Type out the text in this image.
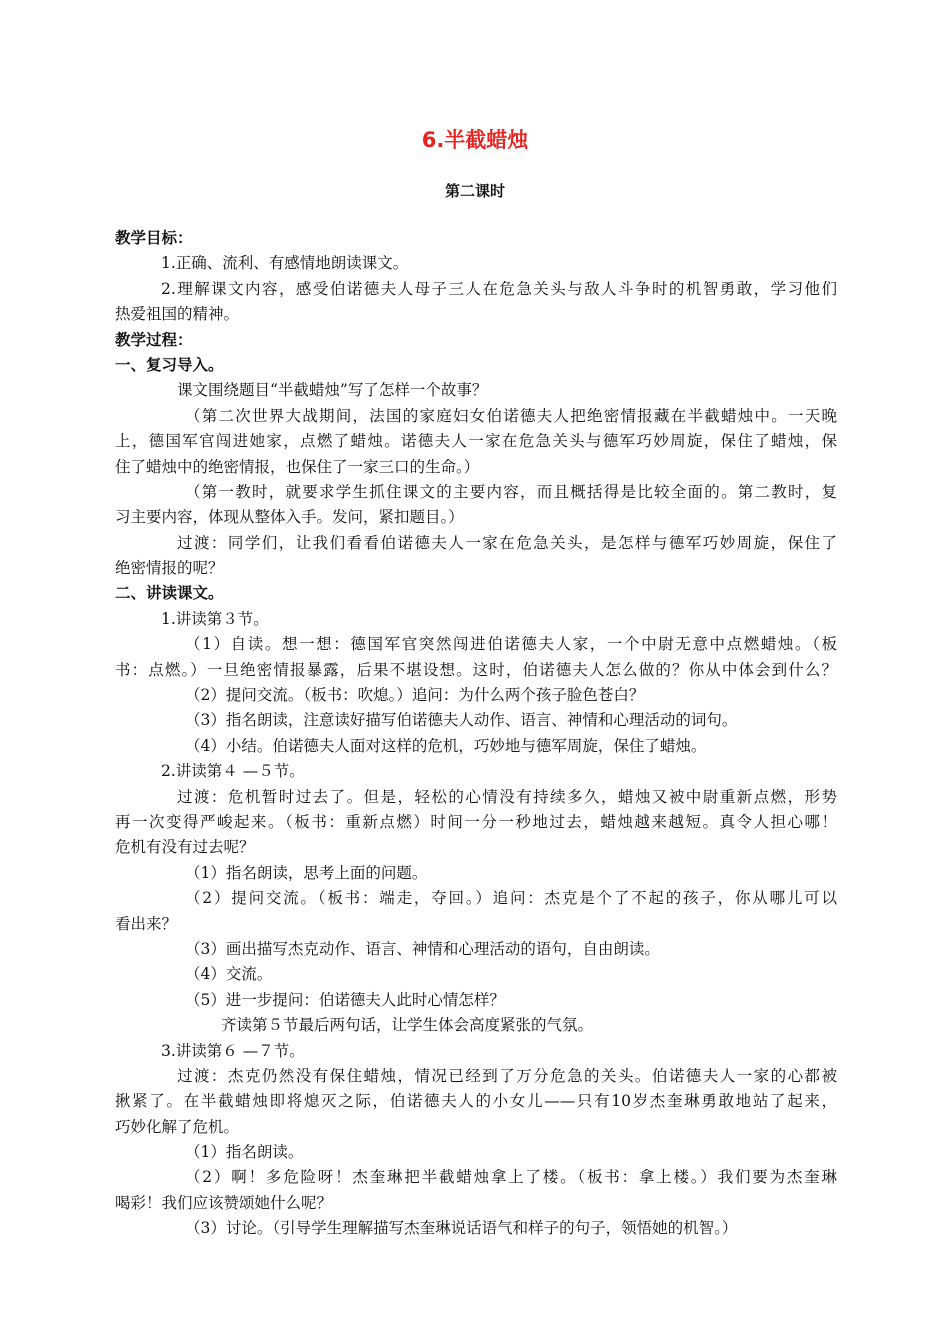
6.半截蜡烛
第二课时
教学目标：
1.正确、流利、有感情地朗读课文。
2.理解课文内容，感受伯诺德夫人母子三人在危急关头与敌人斗争时的机智勇敢，学习他们
热爱祖国的精神。
教学过程：
一、复习导入。
课文围绕题目“半截蜡烛”写了怎样一个故事？
（第二次世界大战期间，法国的家庭妇女伯诺德夫人把绝密情报藏在半截蜡烛中。一天晚
上，德国军官闯进她家，点燃了蜡烛。诺德夫人一家在危急关头与德军巧妙周旋，保住了蜡烛，保
住了蜡烛中的绝密情报，也保住了一家三口的生命。）
（第一教时，就要求学生抓住课文的主要内容，而且概括得是比较全面的。第二教时，复
习主要内容，体现从整体入手。发问，紧扣题目。）
过渡：同学们，让我们看看伯诺德夫人一家在危急关头，是怎样与德军巧妙周旋，保住了
绝密情报的呢？
二、讲读课文。
1.讲读第３节。
（1）自读。想一想：德国军官突然闯进伯诺德夫人家，一个中尉无意中点燃蜡烛。（板
书：点燃。）一旦绝密情报暴露，后果不堪设想。这时，伯诺德夫人怎么做的？你从中体会到什么？
（2）提问交流。（板书：吹熄。）追问：为什么两个孩子脸色苍白？
（3）指名朗读，注意读好描写伯诺德夫人动作、语言、神情和心理活动的词句。
（4）小结。伯诺德夫人面对这样的危机，巧妙地与德军周旋，保住了蜡烛。
2.讲读第４ —５节。
过渡：危机暂时过去了。但是，轻松的心情没有持续多久，蜡烛又被中尉重新点燃，形势
再一次变得严峻起来。（板书：重新点燃）时间一分一秒地过去，蜡烛越来越短。真令人担心哪！
危机有没有过去呢？
（1）指名朗读，思考上面的问题。
（2）提问交流。（板书：端走，夺回。）追问：杰克是个了不起的孩子，你从哪儿可以
看出来？
（3）画出描写杰克动作、语言、神情和心理活动的语句，自由朗读。
（4）交流。
（5）进一步提问：伯诺德夫人此时心情怎样？
齐读第５节最后两句话，让学生体会高度紧张的气氛。
3.讲读第６ —７节。
过渡：杰克仍然没有保住蜡烛，情况已经到了万分危急的关头。伯诺德夫人一家的心都被
揪紧了。在半截蜡烛即将熄灭之际，伯诺德夫人的小女儿——只有10岁杰奎琳勇敢地站了起来，
巧妙化解了危机。
（1）指名朗读。
（2）啊！多危险呀！杰奎琳把半截蜡烛拿上了楼。（板书：拿上楼。）我们要为杰奎琳
喝彩！我们应该赞颂她什么呢？
（3）讨论。（引导学生理解描写杰奎琳说话语气和样子的句子，领悟她的机智。）
